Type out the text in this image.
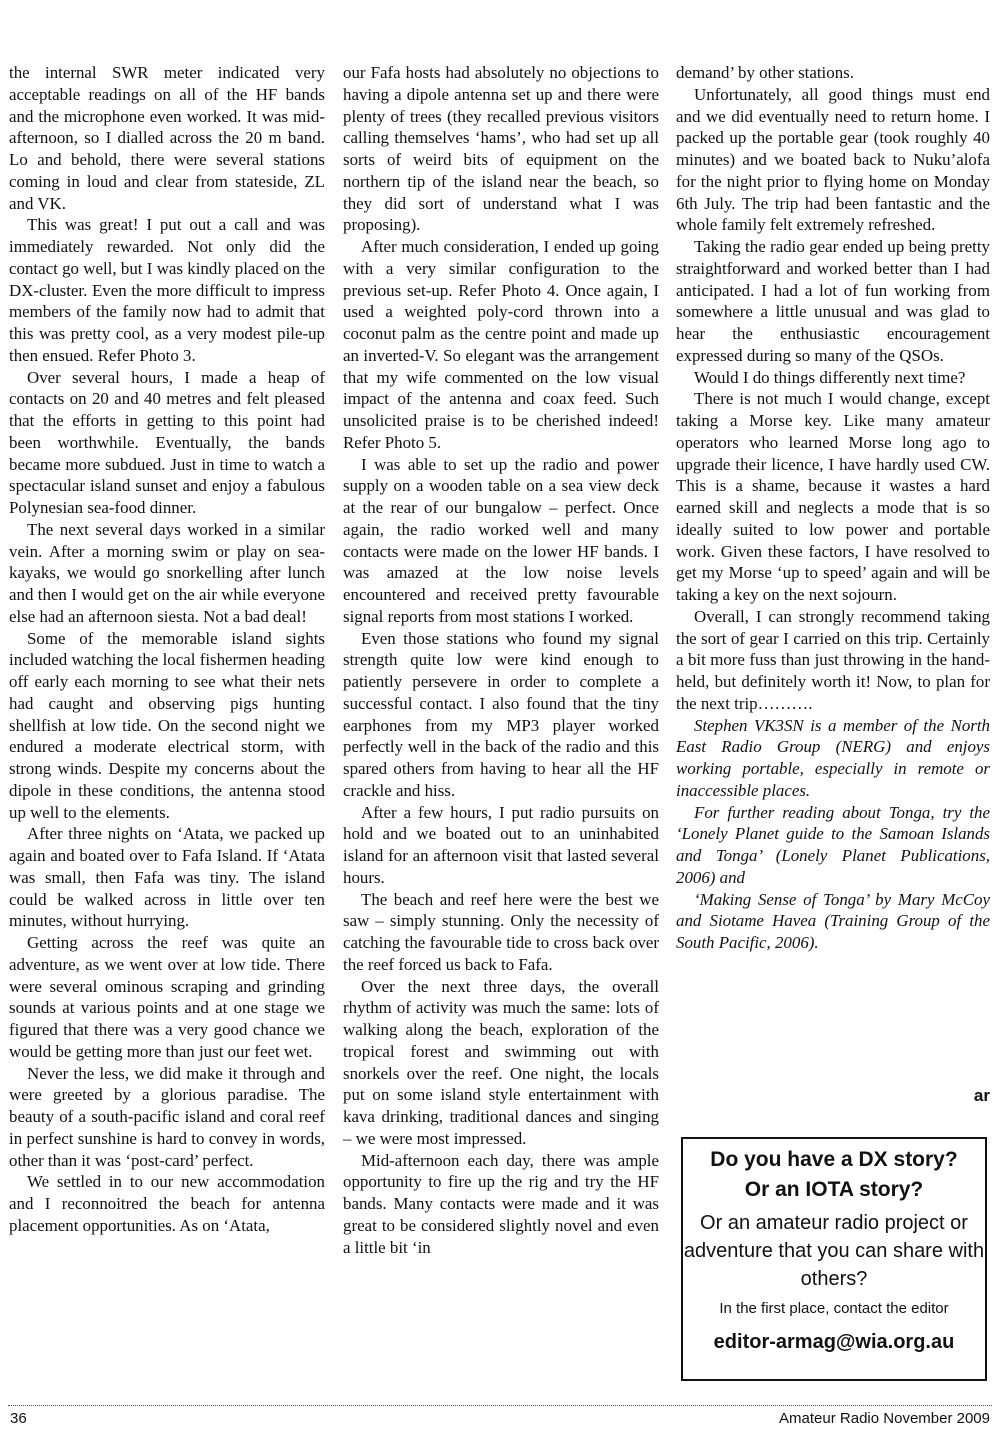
the internal SWR meter indicated very acceptable readings on all of the HF bands and the microphone even worked. It was mid-afternoon, so I dialled across the 20 m band. Lo and behold, there were several stations coming in loud and clear from stateside, ZL and VK.

This was great! I put out a call and was immediately rewarded. Not only did the contact go well, but I was kindly placed on the DX-cluster. Even the more difficult to impress members of the family now had to admit that this was pretty cool, as a very modest pile-up then ensued. Refer Photo 3.

Over several hours, I made a heap of contacts on 20 and 40 metres and felt pleased that the efforts in getting to this point had been worthwhile. Eventually, the bands became more subdued. Just in time to watch a spectacular island sunset and enjoy a fabulous Polynesian sea-food dinner.

The next several days worked in a similar vein. After a morning swim or play on sea-kayaks, we would go snorkelling after lunch and then I would get on the air while everyone else had an afternoon siesta. Not a bad deal!

Some of the memorable island sights included watching the local fishermen heading off early each morning to see what their nets had caught and observing pigs hunting shellfish at low tide. On the second night we endured a moderate electrical storm, with strong winds. Despite my concerns about the dipole in these conditions, the antenna stood up well to the elements.

After three nights on ‘Atata, we packed up again and boated over to Fafa Island. If ‘Atata was small, then Fafa was tiny. The island could be walked across in little over ten minutes, without hurrying.

Getting across the reef was quite an adventure, as we went over at low tide. There were several ominous scraping and grinding sounds at various points and at one stage we figured that there was a very good chance we would be getting more than just our feet wet.

Never the less, we did make it through and were greeted by a glorious paradise. The beauty of a south-pacific island and coral reef in perfect sunshine is hard to convey in words, other than it was ‘post-card’ perfect.

We settled in to our new accommodation and I reconnoitred the beach for antenna placement opportunities. As on ‘Atata,

our Fafa hosts had absolutely no objections to having a dipole antenna set up and there were plenty of trees (they recalled previous visitors calling themselves ‘hams’, who had set up all sorts of weird bits of equipment on the northern tip of the island near the beach, so they did sort of understand what I was proposing).

After much consideration, I ended up going with a very similar configuration to the previous set-up. Refer Photo 4. Once again, I used a weighted poly-cord thrown into a coconut palm as the centre point and made up an inverted-V. So elegant was the arrangement that my wife commented on the low visual impact of the antenna and coax feed. Such unsolicited praise is to be cherished indeed! Refer Photo 5.

I was able to set up the radio and power supply on a wooden table on a sea view deck at the rear of our bungalow – perfect. Once again, the radio worked well and many contacts were made on the lower HF bands. I was amazed at the low noise levels encountered and received pretty favourable signal reports from most stations I worked.

Even those stations who found my signal strength quite low were kind enough to patiently persevere in order to complete a successful contact. I also found that the tiny earphones from my MP3 player worked perfectly well in the back of the radio and this spared others from having to hear all the HF crackle and hiss.

After a few hours, I put radio pursuits on hold and we boated out to an uninhabited island for an afternoon visit that lasted several hours.

The beach and reef here were the best we saw – simply stunning. Only the necessity of catching the favourable tide to cross back over the reef forced us back to Fafa.

Over the next three days, the overall rhythm of activity was much the same: lots of walking along the beach, exploration of the tropical forest and swimming out with snorkels over the reef. One night, the locals put on some island style entertainment with kava drinking, traditional dances and singing – we were most impressed.

Mid-afternoon each day, there was ample opportunity to fire up the rig and try the HF bands. Many contacts were made and it was great to be considered slightly novel and even a little bit ‘in

demand’ by other stations.

Unfortunately, all good things must end and we did eventually need to return home. I packed up the portable gear (took roughly 40 minutes) and we boated back to Nuku’alofa for the night prior to flying home on Monday 6th July. The trip had been fantastic and the whole family felt extremely refreshed.

Taking the radio gear ended up being pretty straightforward and worked better than I had anticipated. I had a lot of fun working from somewhere a little unusual and was glad to hear the enthusiastic encouragement expressed during so many of the QSOs.

Would I do things differently next time?

There is not much I would change, except taking a Morse key. Like many amateur operators who learned Morse long ago to upgrade their licence, I have hardly used CW. This is a shame, because it wastes a hard earned skill and neglects a mode that is so ideally suited to low power and portable work. Given these factors, I have resolved to get my Morse ‘up to speed’ again and will be taking a key on the next sojourn.

Overall, I can strongly recommend taking the sort of gear I carried on this trip. Certainly a bit more fuss than just throwing in the hand-held, but definitely worth it! Now, to plan for the next trip……….

Stephen VK3SN is a member of the North East Radio Group (NERG) and enjoys working portable, especially in remote or inaccessible places.

For further reading about Tonga, try the ‘Lonely Planet guide to the Samoan Islands and Tonga’ (Lonely Planet Publications, 2006) and

‘Making Sense of Tonga’ by Mary McCoy and Siotame Havea (Training Group of the South Pacific, 2006).

ar
Do you have a DX story?
Or an IOTA story?
Or an amateur radio project or adventure that you can share with others?
In the first place, contact the editor
editor-armag@wia.org.au
36	Amateur Radio November 2009
